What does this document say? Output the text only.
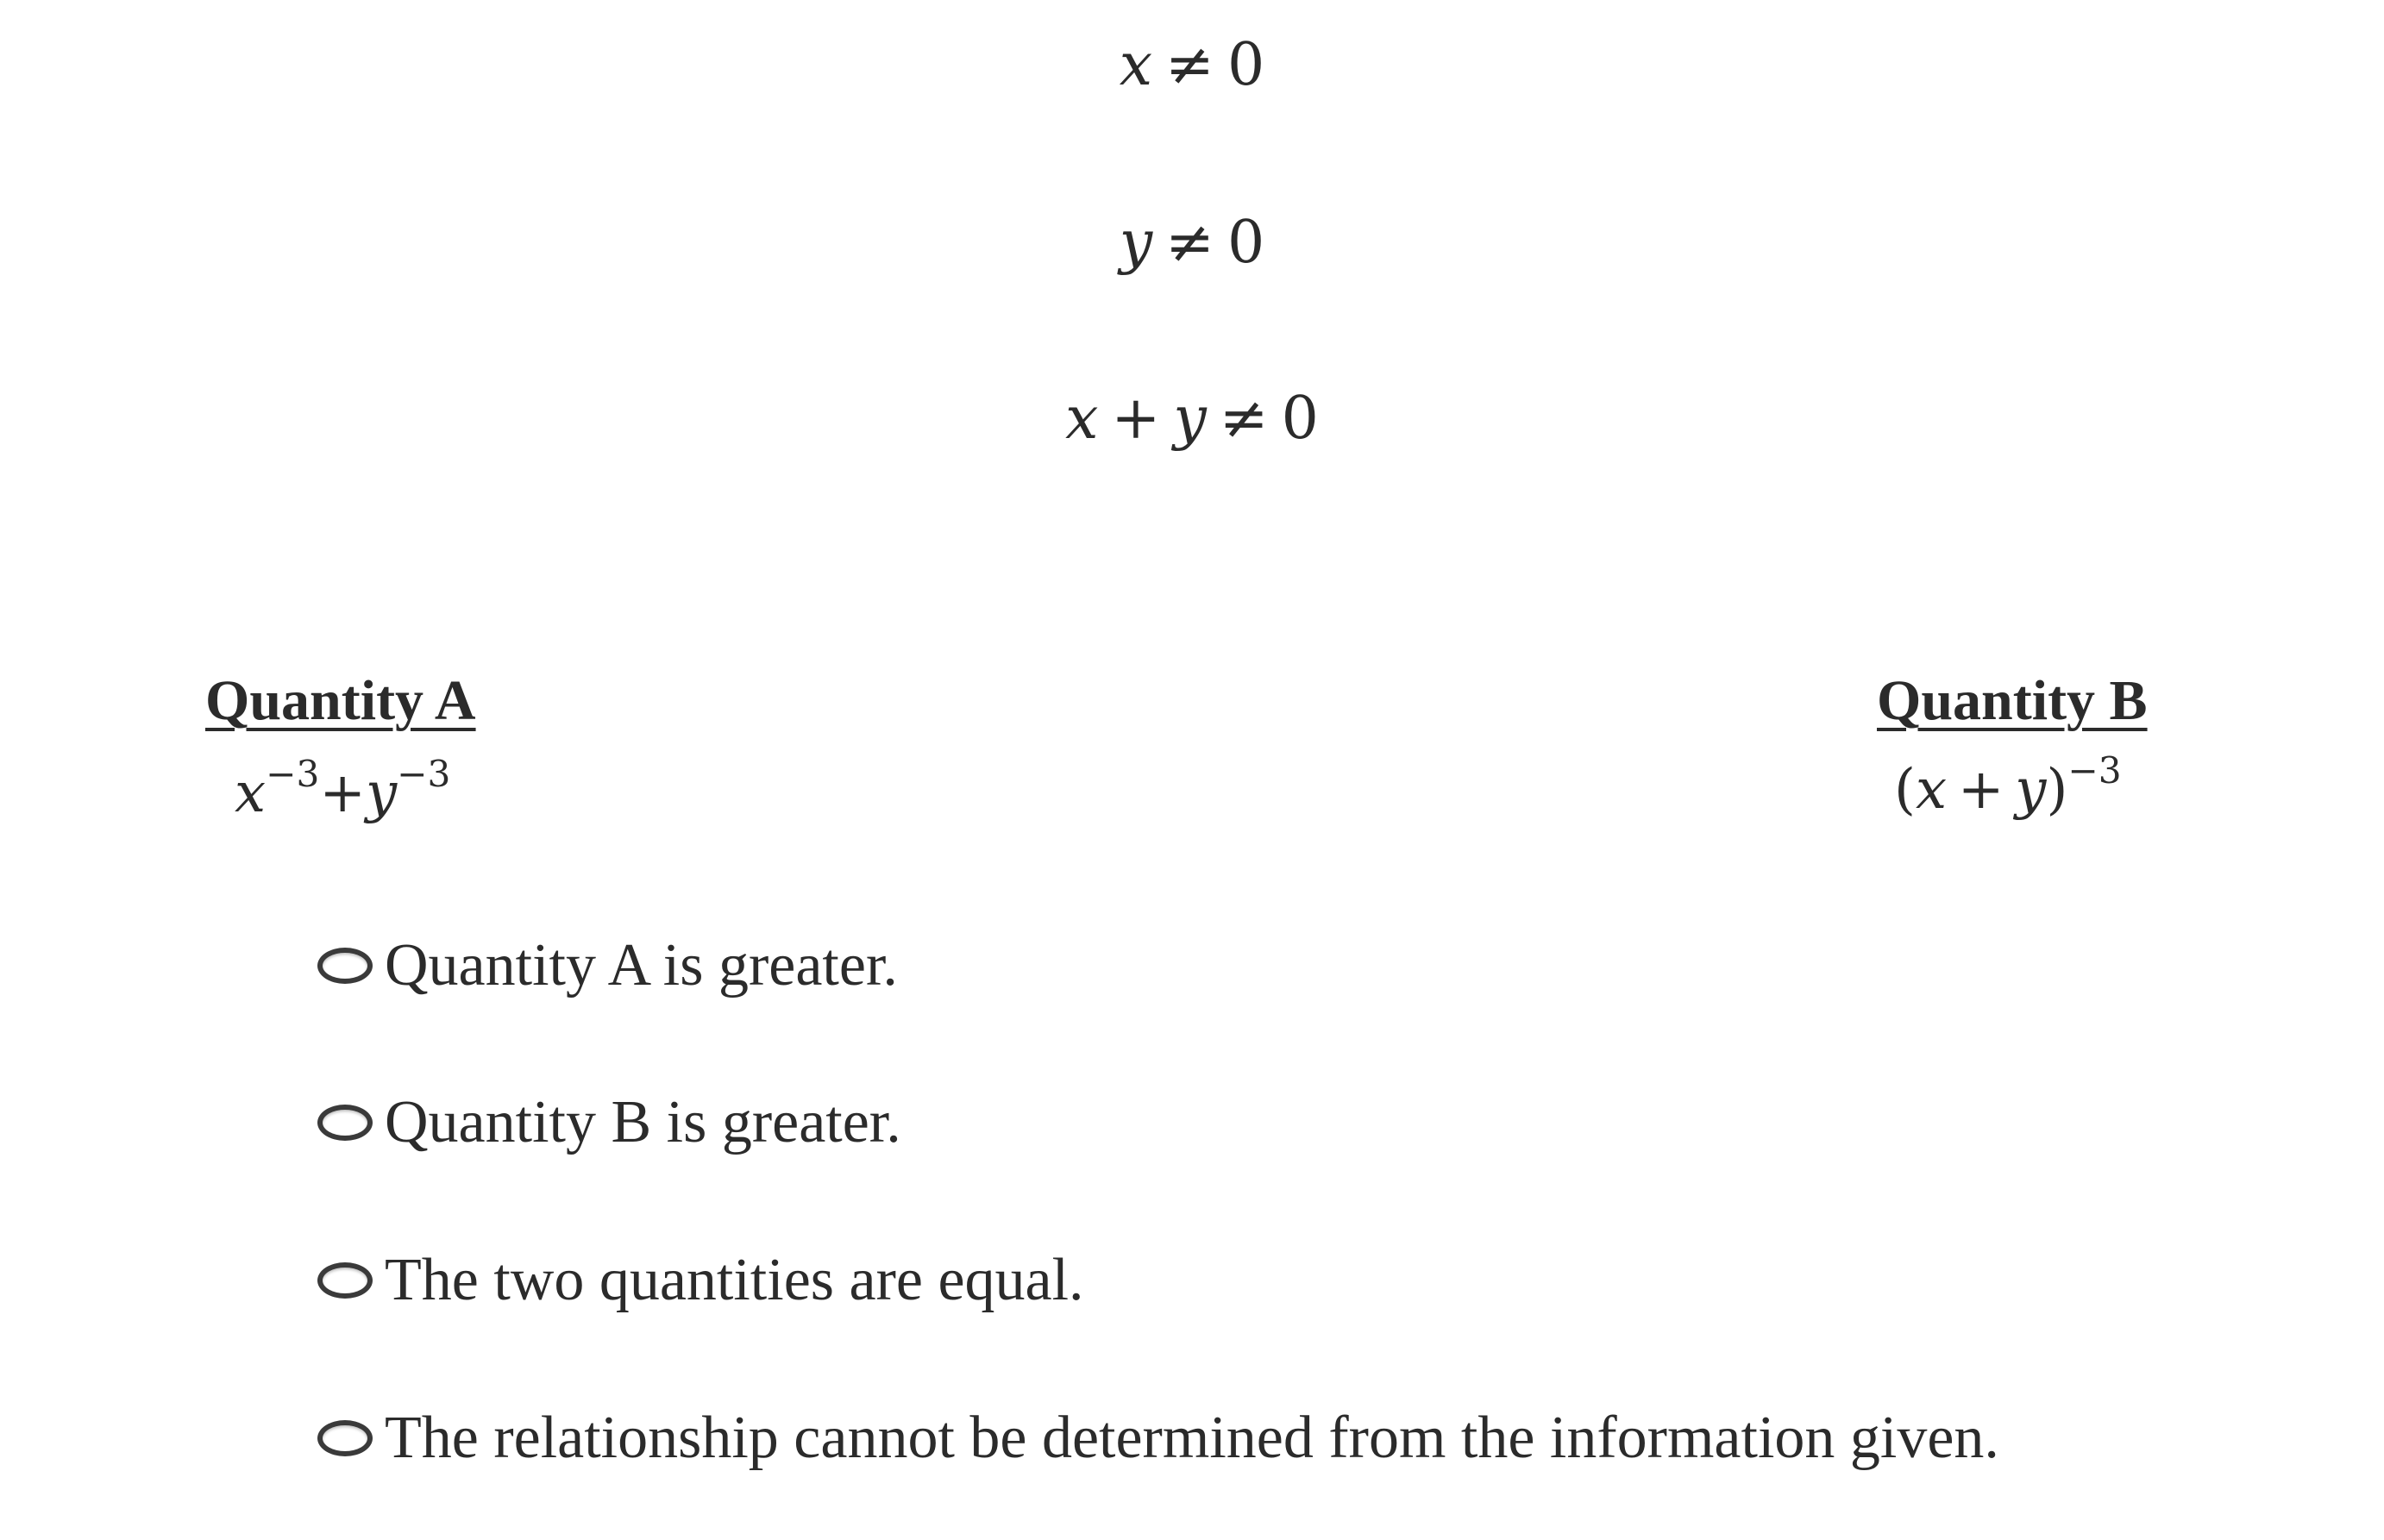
x ≠ 0
y ≠ 0
x + y ≠ 0
Quantity A
$x^{-3}+y^{-3}$
Quantity B
$(x + y)^{-3}$
Quantity A is greater.
Quantity B is greater.
The two quantities are equal.
The relationship cannot be determined from the information given.
